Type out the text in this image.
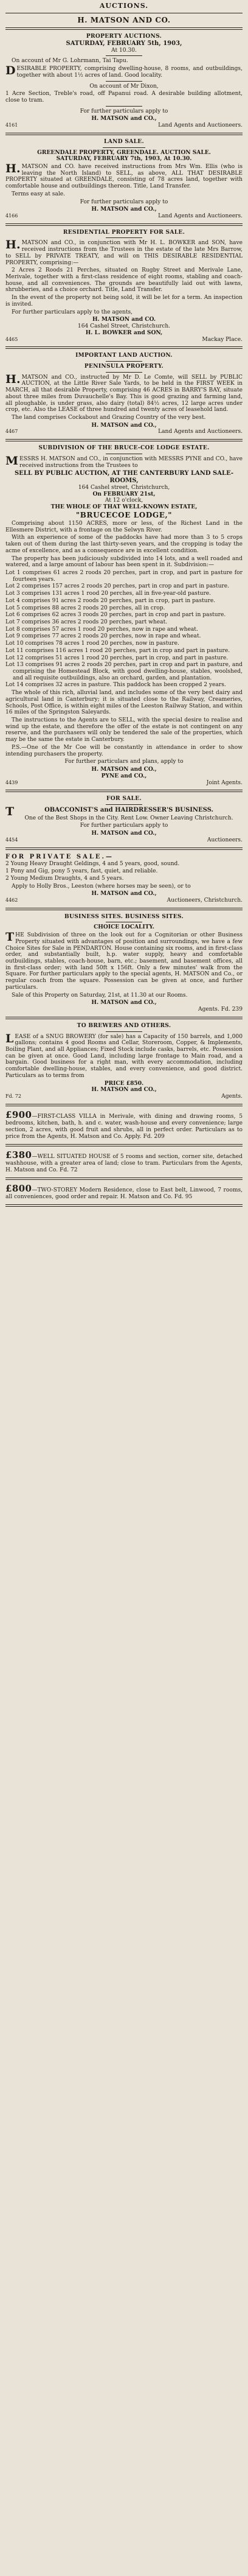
AUCTIONS.
H. MATSON AND CO.
PROPERTY AUCTIONS.
SATURDAY, FEBRUARY 5th, 1903,
At 10.30.

On account of Mr G. Lohrmann, Tai Tapu.

DESIRABLE PROPERTY, comprising dwelling-house, 8 rooms, and outbuildings, together with about 1½ acres of land. Good locality.

On account of Mr Dixon,

1 Acre Section, Treble's road, off Papanui road. A desirable building allotment, close to tram.

For further particulars apply to

H. MATSON and CO.,
4161	Land Agents and Auctioneers.
LAND SALE.
GREENDALE PROPERTY, GREENDALE. AUCTION SALE.
SATURDAY, FEBRUARY 7th, 1903, At 10.30.

H.MATSON and CO. have received instructions from Mrs Wm. Ellis (who is leaving the North Island) to SELL, as above, ALL THAT DESIRABLE PROPERTY situated at GREENDALE, consisting of 78 acres land, together with comfortable house and outbuildings thereon. Title, Land Transfer.

Terms easy at sale.

For further particulars apply to

H. MATSON and CO.,
4166	Land Agents and Auctioneers.
RESIDENTIAL PROPERTY FOR SALE.

H.MATSON and CO., in conjunction with Mr H. L. BOWKER and SON, have received instructions from the Trustees in the estate of the late Mrs Barrow, to SELL by PRIVATE TREATY, and will on THIS DESIRABLE RESIDENTIAL PROPERTY, comprising:—

2 Acres 2 Roods 21 Perches, situated on Rugby Street and Merivale Lane, Merivale, together with a first-class residence of eight rooms, stabling and coach-house, and all conveniences. The grounds are beautifully laid out with lawns, shrubberies, and a choice orchard. Title, Land Transfer.

In the event of the property not being sold, it will be let for a term. An inspection is invited.

For further particulars apply to the agents,

H. MATSON and CO.
164 Cashel Street, Christchurch.
H. L. BOWKER and SON,
4465	Mackay Place.
IMPORTANT LAND AUCTION.
PENINSULA PROPERTY.

H.MATSON and CO., instructed by Mr D. Le Comte, will SELL by PUBLIC AUCTION, at the Little River Sale Yards, to be held in the FIRST WEEK in MARCH, all that desirable Property, comprising 46 ACRES in BARRY'S BAY, situate about three miles from Duvauchelle's Bay. This is good grazing and farming land, all ploughable, is under grass, also dairy (total) 84½ acres, 12 large acres under crop, etc. Also the LEASE of three hundred and twenty acres of leasehold land.

The land comprises Cockabout and Grazing Country of the very best.

H. MATSON and CO.,
4467	Land Agents and Auctioneers.
SUBDIVISION OF THE BRUCE-COE LODGE ESTATE.

MESSRS H. MATSON and CO., in conjunction with MESSRS PYNE and CO., have received instructions from the Trustees to

SELL BY PUBLIC AUCTION, AT THE CANTERBURY LAND SALE-ROOMS,
164 Cashel street, Christchurch,
On FEBRUARY 21st,
At 12 o'clock,
THE WHOLE OF THAT WELL-KNOWN ESTATE,
"BRUCECOE LODGE,"

Comprising about 1150 ACRES, more or less, of the Richest Land in the Ellesmere District, with a frontage on the Selwyn River.

With an experience of some of the paddocks have had more than 3 to 5 crops taken out of them during the last thirty-seven years, and the cropping is today the acme of excellence, and as a consequence are in excellent condition.

The property has been judiciously subdivided into 14 lots, and a well roaded and watered, and a large amount of labour has been spent in it. Subdivision:—

Lot 1 comprises 61 acres 2 roods 20 perches, part in crop, and part in pasture for fourteen years.

Lot 2 comprises 157 acres 2 roods 20 perches, part in crop and part in pasture.

Lot 3 comprises 131 acres 1 rood 20 perches, all in five-year-old pasture.

Lot 4 comprises 91 acres 2 roods 20 perches, part in crop, part in pasture.

Lot 5 comprises 88 acres 2 roods 20 perches, all in crop.

Lot 6 comprises 62 acres 3 roods 20 perches, part in crop and part in pasture.

Lot 7 comprises 36 acres 2 roods 20 perches, part wheat.

Lot 8 comprises 57 acres 1 rood 20 perches, now in rape and wheat.

Lot 9 comprises 77 acres 2 roods 20 perches, now in rape and wheat.

Lot 10 comprises 78 acres 1 rood 20 perches, now in pasture.

Lot 11 comprises 116 acres 1 rood 20 perches, part in crop and part in pasture.

Lot 12 comprises 51 acres 1 rood 20 perches, part in crop, and part in pasture.

Lot 13 comprises 91 acres 2 roods 20 perches, part in crop and part in pasture, and comprising the Homestead Block, with good dwelling-house, stables, woolshed, and all requisite outbuildings, also an orchard, garden, and plantation.

Lot 14 comprises 32 acres in pasture. This paddock has been cropped 2 years.

The whole of this rich, alluvial land, and includes some of the very best dairy and agricultural land in Canterbury; it is situated close to the Railway, Creameries, Schools, Post Office, is within eight miles of the Leeston Railway Station, and within 16 miles of the Springston Saleyards.

The instructions to the Agents are to SELL, with the special desire to realise and wind up the estate, and therefore the offer of the estate is not contingent on any reserve, and the purchasers will only be tendered the sale of the properties, which may be the same the estate in Canterbury.

P.S.—One of the Mr Coe will be constantly in attendance in order to show intending purchasers the property.

For further particulars and plans, apply to

H. MATSON and CO.,
PYNE and CO.,
4439	Joint Agents.
FOR SALE.
TOBACCONIST'S and HAIRDRESSER'S BUSINESS.

One of the Best Shops in the City. Rent Low. Owner Leaving Christchurch.

For further particulars apply to

H. MATSON and CO.,
4454	Auctioneers.
FOR PRIVATE SALE.—

2 Young Heavy Draught Geldings, 4 and 5 years, good, sound.

1 Pony and Gig, pony 5 years, fast, quiet, and reliable.

2 Young Medium Draughts, 4 and 5 years.

Apply to Holly Bros., Leeston (where horses may be seen), or to

H. MATSON and CO.,
4462	Auctioneers, Christchurch.
BUSINESS SITES. BUSINESS SITES.
CHOICE LOCALITY.

THE Subdivision of three on the look out for a Cognitorian or other Business Property situated with advantages of position and surroundings, we have a few Choice Sites for Sale in PENDARTON. House containing six rooms, and in first-class order, and substantially built, h.p. water supply, heavy and comfortable outbuildings, stables, coach-house, barn, etc.; basement, and basement offices, all in first-class order; with land 50ft x 156ft. Only a few minutes' walk from the Square. For further particulars apply to the special agents, H. MATSON and Co., or regular coach from the square. Possession can be given at once, and further particulars.

Sale of this Property on Saturday, 21st, at 11.30 at our Rooms.

H. MATSON and CO.,
Agents. Fd. 239
TO BREWERS AND OTHERS.

LEASE of a SNUG BROWERY (for sale) has a Capacity of 150 barrels, and 1,000 gallons; contains 4 good Rooms and Cellar, Storeroom, Copper, & Implements, Boiling Plant, and all Appliances; Fixed Stock include casks, barrels, etc. Possession can be given at once. Good Land, including large frontage to Main road, and a bargain. Good business for a right man, with every accommodation, including comfortable dwelling-house, stables, and every convenience, and good district. Particulars as to terms from

PRICE £850.
H. MATSON and CO.,
Fd. 72	Agents.
£900—FIRST-CLASS VILLA in Merivale, with dining and drawing rooms, 5 bedrooms, kitchen, bath, h. and c. water, wash-house and every convenience; large section, 2 acres, with good fruit and shrubs, all in perfect order. Particulars as to price from the Agents, H. Matson and Co. Apply. Fd. 209
£380—WELL SITUATED HOUSE of 5 rooms and section, corner site, detached washhouse, with a greater area of land; close to tram. Particulars from the Agents, H. Matson and Co. Fd. 72
£800—TWO-STOREY Modern Residence, close to East belt, Linwood, 7 rooms, all conveniences, good order and repair. H. Matson and Co. Fd. 95
